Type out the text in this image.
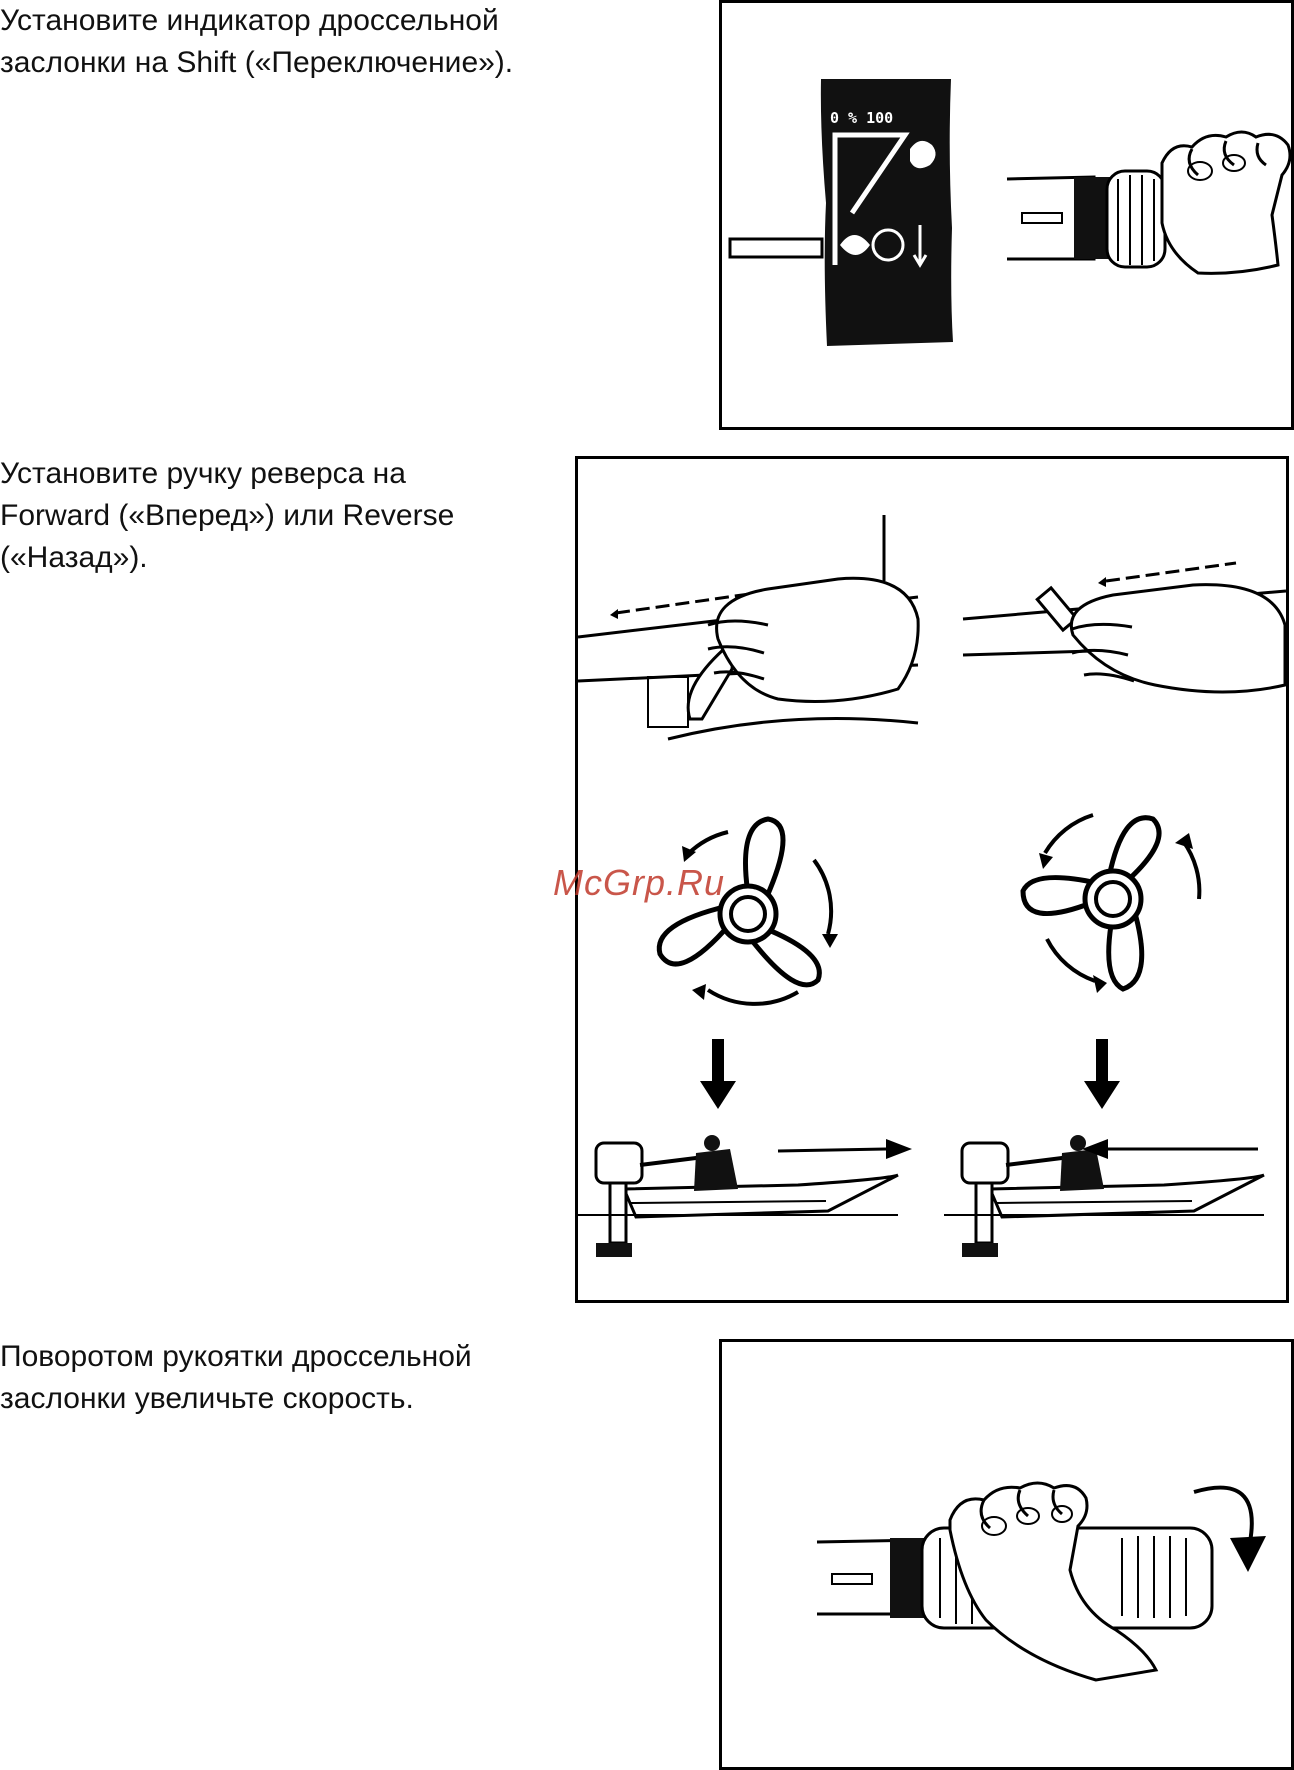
Установите индикатор дроссельной
заслонки на Shift («Переключение»).
0 % 100
Установите ручку реверса на
Forward («Вперед») или Reverse
(«Назад»).
McGrp.Ru
Поворотом рукоятки дроссельной
заслонки увеличьте скорость.
